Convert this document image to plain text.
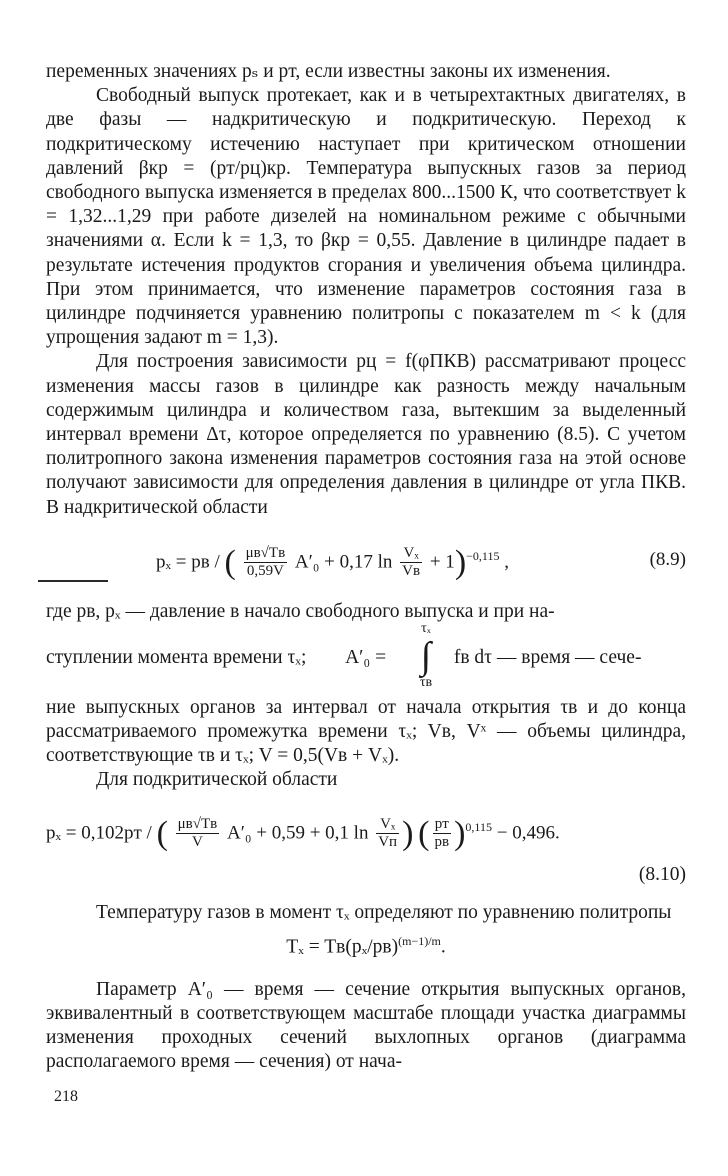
переменных значениях pₛ и pт, если известны законы их изменения.

Свободный выпуск протекает, как и в четырехтактных двигателях, в две фазы — надкритическую и подкритическую. Переход к подкритическому истечению наступает при критическом отношении давлений βкр = (pт/pц)кр. Температура выпускных газов за период свободного выпуска изменяется в пределах 800...1500 К, что соответствует k = 1,32...1,29 при работе дизелей на номинальном режиме с обычными значениями α. Если k = 1,3, то βкр = 0,55. Давление в цилиндре падает в результате истечения продуктов сгорания и увеличения объема цилиндра. При этом принимается, что изменение параметров состояния газа в цилиндре подчиняется уравнению политропы с показателем m < k (для упрощения задают m = 1,3).

Для построения зависимости pц = f(φПКВ) рассматривают процесс изменения массы газов в цилиндре как разность между начальным содержимым цилиндра и количеством газа, вытекшим за выделенный интервал времени Δτ, которое определяется по уравнению (8.5). С учетом политропного закона изменения параметров состояния газа на этой основе получают зависимости для определения давления в цилиндре от угла ПКВ. В надкритической области

pₓ = pв / ( $\frac{\mu в√Tв}{0,59V} A'_0 + 0,17$ $\ln \frac{\text{Vₓ}}{Vв} + 1)^{-0,115}$ ,	(8.9)
где pв, pₓ — давление в начало свободного выпуска и при на-
ступлении момента времени τₓ; A′₀ =	fв dτ — время — сече-
τₓ
∫
τв

ние выпускных органов за интервал от начала открытия τв и до конца рассматриваемого промежутка времени τₓ; Vв, Vˣ — объемы цилиндра, соответствующие τв и τₓ; V = 0,5(Vв + Vₓ).

Для подкритической области

pₓ = 0,102pт / ( $\frac{\mu в√Tв}{V} A'_0 + 0,59 + 0,1$ $\ln \frac{\text{Vₓ}}{Vп}$ ) ( $\frac{pт}{pв} )^{0,115} - 0,496$.
(8.10)

Температуру газов в момент τₓ определяют по уравнению политропы

$T_x = Tв(p_x/pв)^{(m-1)/m}$.

Параметр A′₀ — время — сечение открытия выпускных органов, эквивалентный в соответствующем масштабе площади участка диаграммы изменения проходных сечений выхлопных органов (диаграмма располагаемого время — сечения) от нача-

218
